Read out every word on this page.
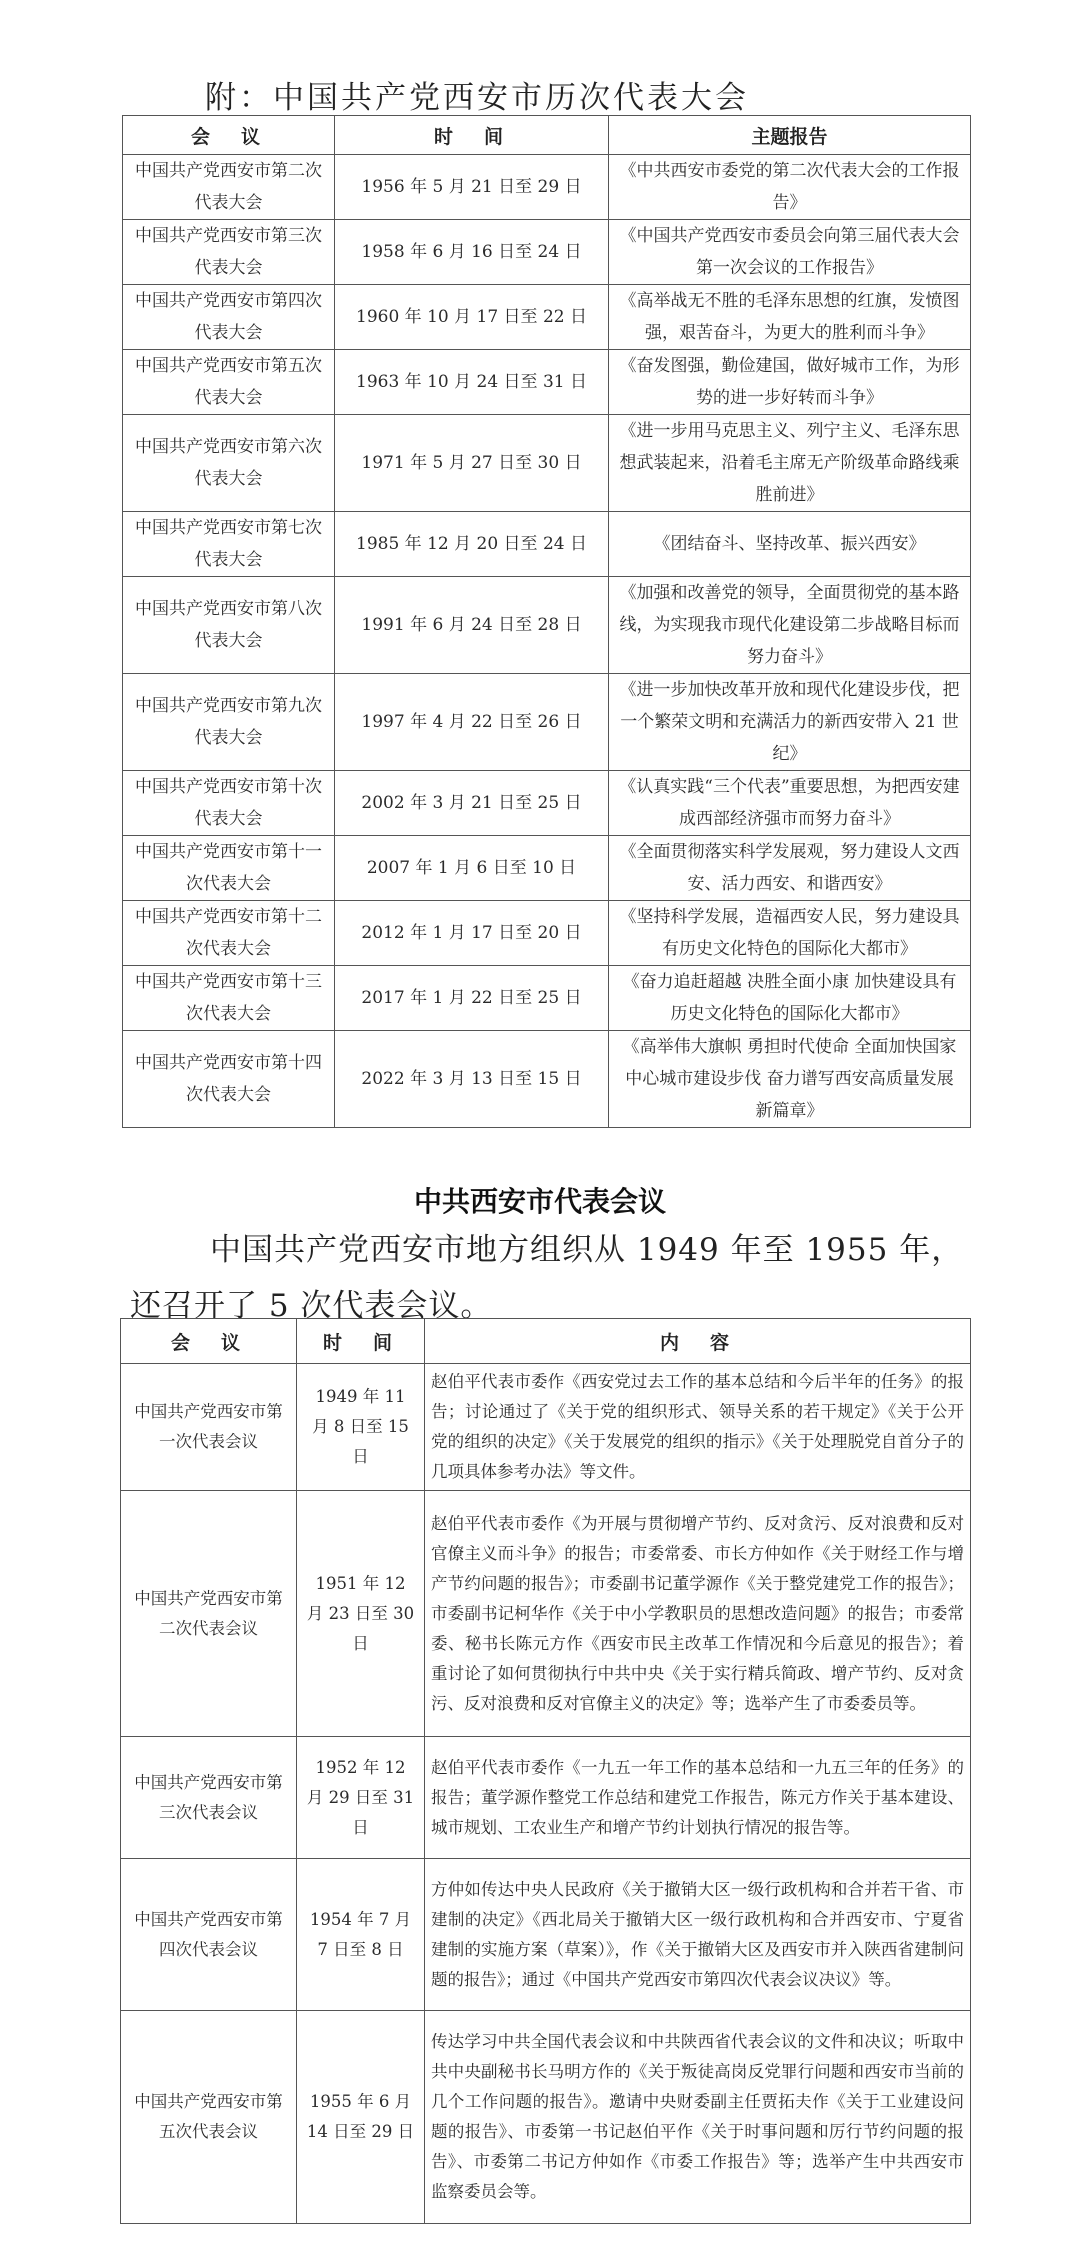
附：中国共产党西安市历次代表大会
会　议	时　间	主题报告
中国共产党西安市第二次代表大会	1956 年 5 月 21 日至 29 日	《中共西安市委党的第二次代表大会的工作报告》
中国共产党西安市第三次代表大会	1958 年 6 月 16 日至 24 日	《中国共产党西安市委员会向第三届代表大会第一次会议的工作报告》
中国共产党西安市第四次代表大会	1960 年 10 月 17 日至 22 日	《高举战无不胜的毛泽东思想的红旗，发愤图强，艰苦奋斗，为更大的胜利而斗争》
中国共产党西安市第五次代表大会	1963 年 10 月 24 日至 31 日	《奋发图强，勤俭建国，做好城市工作，为形势的进一步好转而斗争》
中国共产党西安市第六次代表大会	1971 年 5 月 27 日至 30 日	《进一步用马克思主义、列宁主义、毛泽东思想武装起来，沿着毛主席无产阶级革命路线乘胜前进》
中国共产党西安市第七次代表大会	1985 年 12 月 20 日至 24 日	《团结奋斗、坚持改革、振兴西安》
中国共产党西安市第八次代表大会	1991 年 6 月 24 日至 28 日	《加强和改善党的领导，全面贯彻党的基本路线，为实现我市现代化建设第二步战略目标而努力奋斗》
中国共产党西安市第九次代表大会	1997 年 4 月 22 日至 26 日	《进一步加快改革开放和现代化建设步伐，把一个繁荣文明和充满活力的新西安带入 21 世纪》
中国共产党西安市第十次代表大会	2002 年 3 月 21 日至 25 日	《认真实践“三个代表”重要思想，为把西安建成西部经济强市而努力奋斗》
中国共产党西安市第十一次代表大会	2007 年 1 月 6 日至 10 日	《全面贯彻落实科学发展观，努力建设人文西安、活力西安、和谐西安》
中国共产党西安市第十二次代表大会	2012 年 1 月 17 日至 20 日	《坚持科学发展，造福西安人民，努力建设具有历史文化特色的国际化大都市》
中国共产党西安市第十三次代表大会	2017 年 1 月 22 日至 25 日	《奋力追赶超越 决胜全面小康 加快建设具有历史文化特色的国际化大都市》
中国共产党西安市第十四次代表大会	2022 年 3 月 13 日至 15 日	《高举伟大旗帜 勇担时代使命 全面加快国家中心城市建设步伐 奋力谱写西安高质量发展新篇章》
中共西安市代表会议
中国共产党西安市地方组织从 1949 年至 1955 年，还召开了 5 次代表会议。
会　议	时　间	内　容
中国共产党西安市第一次代表会议	1949 年 11 月 8 日至 15 日	赵伯平代表市委作《西安党过去工作的基本总结和今后半年的任务》的报告；讨论通过了《关于党的组织形式、领导关系的若干规定》《关于公开党的组织的决定》《关于发展党的组织的指示》《关于处理脱党自首分子的几项具体参考办法》等文件。
中国共产党西安市第二次代表会议	1951 年 12 月 23 日至 30 日	赵伯平代表市委作《为开展与贯彻增产节约、反对贪污、反对浪费和反对官僚主义而斗争》的报告；市委常委、市长方仲如作《关于财经工作与增产节约问题的报告》；市委副书记董学源作《关于整党建党工作的报告》；市委副书记柯华作《关于中小学教职员的思想改造问题》的报告；市委常委、秘书长陈元方作《西安市民主改革工作情况和今后意见的报告》；着重讨论了如何贯彻执行中共中央《关于实行精兵简政、增产节约、反对贪污、反对浪费和反对官僚主义的决定》等；选举产生了市委委员等。
中国共产党西安市第三次代表会议	1952 年 12 月 29 日至 31 日	赵伯平代表市委作《一九五一年工作的基本总结和一九五三年的任务》的报告；董学源作整党工作总结和建党工作报告，陈元方作关于基本建设、城市规划、工农业生产和增产节约计划执行情况的报告等。
中国共产党西安市第四次代表会议	1954 年 7 月 7 日至 8 日	方仲如传达中央人民政府《关于撤销大区一级行政机构和合并若干省、市建制的决定》《西北局关于撤销大区一级行政机构和合并西安市、宁夏省建制的实施方案（草案）》，作《关于撤销大区及西安市并入陕西省建制问题的报告》；通过《中国共产党西安市第四次代表会议决议》等。
中国共产党西安市第五次代表会议	1955 年 6 月 14 日至 29 日	传达学习中共全国代表会议和中共陕西省代表会议的文件和决议；听取中共中央副秘书长马明方作的《关于叛徒高岗反党罪行问题和西安市当前的几个工作问题的报告》。邀请中央财委副主任贾拓夫作《关于工业建设问题的报告》、市委第一书记赵伯平作《关于时事问题和厉行节约问题的报告》、市委第二书记方仲如作《市委工作报告》等；选举产生中共西安市监察委员会等。
